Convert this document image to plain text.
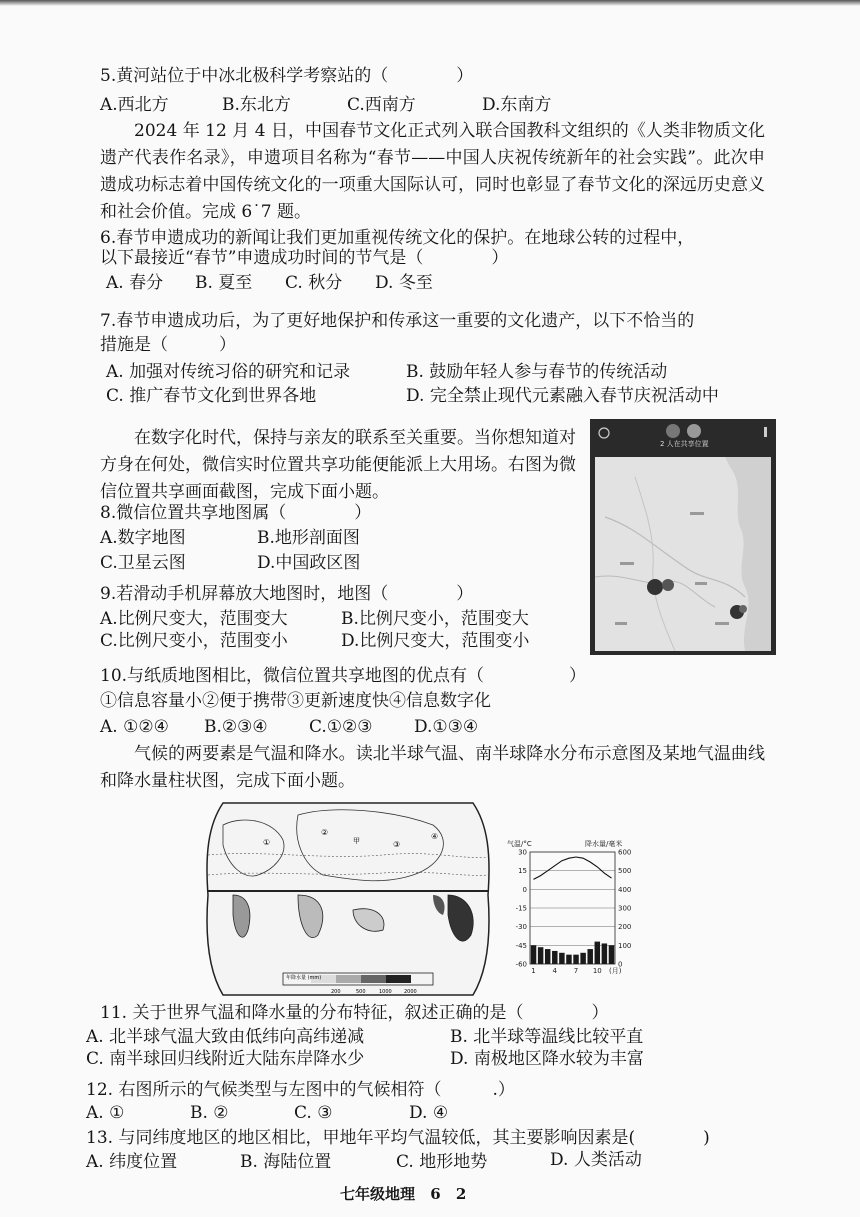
5.黄河站位于中冰北极科学考察站的（　　　　）
A.西北方	B.东北方	C.西南方	D.东南方
2024 年 12 月 4 日，中国春节文化正式列入联合国教科文组织的《人类非物质文化遗产代表作名录》，申遗项目名称为“春节——中国人庆祝传统新年的社会实践”。此次申遗成功标志着中国传统文化的一项重大国际认可，同时也彰显了春节文化的深远历史意义和社会价值。完成 6˙7 题。
6.春节申遗成功的新闻让我们更加重视传统文化的保护。在地球公转的过程中，
以下最接近“春节”申遗成功时间的节气是（　　　　）
A. 春分 B. 夏至 C. 秋分 D. 冬至
7.春节申遗成功后，为了更好地保护和传承这一重要的文化遗产，以下不恰当的
措施是（　　　）
A. 加强对传统习俗的研究和记录	B. 鼓励年轻人参与春节的传统活动
C. 推广春节文化到世界各地	D. 完全禁止现代元素融入春节庆祝活动中
在数字化时代，保持与亲友的联系至关重要。当你想知道对方身在何处，微信实时位置共享功能便能派上大用场。右图为微信位置共享画面截图，完成下面小题。
2 人在共享位置
8.微信位置共享地图属（　　　　）
A.数字地图	B.地形剖面图
C.卫星云图	D.中国政区图
9.若滑动手机屏幕放大地图时，地图（　　　　）
A.比例尺变大，范围变大	B.比例尺变小，范围变大
C.比例尺变小，范围变小	D.比例尺变大，范围变小
10.与纸质地图相比，微信位置共享地图的优点有（　　　　　）
①信息容量小②便于携带③更新速度快④信息数字化
A. ①②④ B.②③④ C.①②③ D.①③④
气候的两要素是气温和降水。读北半球气温、南半球降水分布示意图及某地气温曲线和降水量柱状图，完成下面小题。
年降水量 (mm)
200	500	1000 2000
甲
①
②
③
④
气温/°C	降水量/毫米
30	600
15	500
0	400
-15	300
-30	200
-45	100
-60	0
1 4 7 10 (月)
11. 关于世界气温和降水量的分布特征，叙述正确的是（　　　　）
A. 北半球气温大致由低纬向高纬递减	B. 北半球等温线比较平直
C. 南半球回归线附近大陆东岸降水少	D. 南极地区降水较为丰富
12. 右图所示的气候类型与左图中的气候相符（　　　.）
A. ①	B. ②	C. ③	D. ④
13. 与同纬度地区的地区相比，甲地年平均气温较低，其主要影响因素是(　　　　)
A. 纬度位置	B. 海陆位置	C. 地形地势	D. 人类活动
七年级地理 6 2
